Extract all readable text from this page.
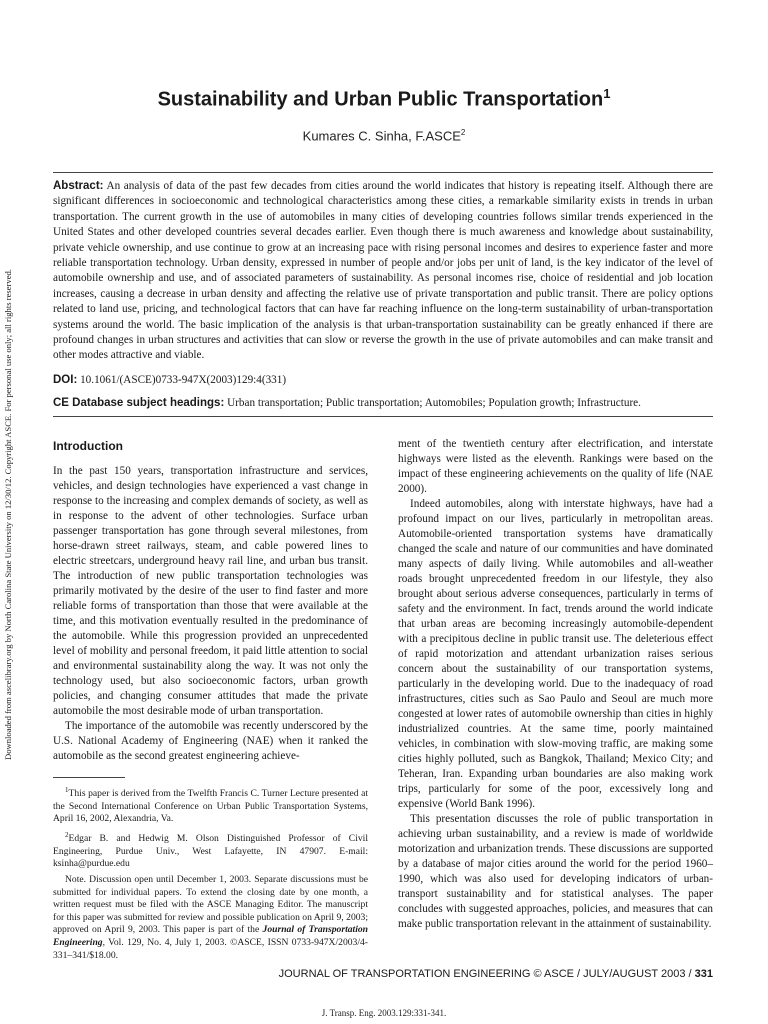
Downloaded from ascelibrary.org by North Carolina State University on 12/30/12. Copyright ASCE. For personal use only; all rights reserved.
Sustainability and Urban Public Transportation$^1$
Kumares C. Sinha, F.ASCE$^2$
Abstract: An analysis of data of the past few decades from cities around the world indicates that history is repeating itself. Although there are significant differences in socioeconomic and technological characteristics among these cities, a remarkable similarity exists in trends in urban transportation. The current growth in the use of automobiles in many cities of developing countries follows similar trends experienced in the United States and other developed countries several decades earlier. Even though there is much awareness and knowledge about sustainability, private vehicle ownership, and use continue to grow at an increasing pace with rising personal incomes and desires to experience faster and more reliable transportation technology. Urban density, expressed in number of people and/or jobs per unit of land, is the key indicator of the level of automobile ownership and use, and of associated parameters of sustainability. As personal incomes rise, choice of residential and job location increases, causing a decrease in urban density and affecting the relative use of private transportation and public transit. There are policy options related to land use, pricing, and technological factors that can have far reaching influence on the long-term sustainability of urban-transportation systems around the world. The basic implication of the analysis is that urban-transportation sustainability can be greatly enhanced if there are profound changes in urban structures and activities that can slow or reverse the growth in the use of private automobiles and can make transit and other modes attractive and viable.
DOI: 10.1061/(ASCE)0733-947X(2003)129:4(331)
CE Database subject headings: Urban transportation; Public transportation; Automobiles; Population growth; Infrastructure.
Introduction

In the past 150 years, transportation infrastructure and services, vehicles, and design technologies have experienced a vast change in response to the increasing and complex demands of society, as well as in response to the advent of other technologies. Surface urban passenger transportation has gone through several milestones, from horse-drawn street railways, steam, and cable powered lines to electric streetcars, underground heavy rail line, and urban bus transit. The introduction of new public transportation technologies was primarily motivated by the desire of the user to find faster and more reliable forms of transportation than those that were available at the time, and this motivation eventually resulted in the predominance of the automobile. While this progression provided an unprecedented level of mobility and personal freedom, it paid little attention to social and environmental sustainability along the way. It was not only the technology used, but also socioeconomic factors, urban growth policies, and changing consumer attitudes that made the private automobile the most desirable mode of urban transportation.

The importance of the automobile was recently underscored by the U.S. National Academy of Engineering (NAE) when it ranked the automobile as the second greatest engineering achieve-

$^1$This paper is derived from the Twelfth Francis C. Turner Lecture presented at the Second International Conference on Urban Public Transportation Systems, April 16, 2002, Alexandria, Va.

$^2$Edgar B. and Hedwig M. Olson Distinguished Professor of Civil Engineering, Purdue Univ., West Lafayette, IN 47907. E-mail: ksinha@purdue.edu

Note. Discussion open until December 1, 2003. Separate discussions must be submitted for individual papers. To extend the closing date by one month, a written request must be filed with the ASCE Managing Editor. The manuscript for this paper was submitted for review and possible publication on April 9, 2003; approved on April 9, 2003. This paper is part of the Journal of Transportation Engineering, Vol. 129, No. 4, July 1, 2003. ©ASCE, ISSN 0733-947X/2003/4-331–341/$18.00.

ment of the twentieth century after electrification, and interstate highways were listed as the eleventh. Rankings were based on the impact of these engineering achievements on the quality of life (NAE 2000).

Indeed automobiles, along with interstate highways, have had a profound impact on our lives, particularly in metropolitan areas. Automobile-oriented transportation systems have dramatically changed the scale and nature of our communities and have dominated many aspects of daily living. While automobiles and all-weather roads brought unprecedented freedom in our lifestyle, they also brought about serious adverse consequences, particularly in terms of safety and the environment. In fact, trends around the world indicate that urban areas are becoming increasingly automobile-dependent with a precipitous decline in public transit use. The deleterious effect of rapid motorization and attendant urbanization raises serious concern about the sustainability of our transportation systems, particularly in the developing world. Due to the inadequacy of road infrastructures, cities such as Sao Paulo and Seoul are much more congested at lower rates of automobile ownership than cities in highly industrialized countries. At the same time, poorly maintained vehicles, in combination with slow-moving traffic, are making some cities highly polluted, such as Bangkok, Thailand; Mexico City; and Teheran, Iran. Expanding urban boundaries are also making work trips, particularly for some of the poor, excessively long and expensive (World Bank 1996).

This presentation discusses the role of public transportation in achieving urban sustainability, and a review is made of worldwide motorization and urbanization trends. These discussions are supported by a database of major cities around the world for the period 1960–1990, which was also used for developing indicators of urban-transport sustainability and for statistical analyses. The paper concludes with suggested approaches, policies, and measures that can make public transportation relevant in the attainment of sustainability.

JOURNAL OF TRANSPORTATION ENGINEERING © ASCE / JULY/AUGUST 2003 / 331
J. Transp. Eng. 2003.129:331-341.
